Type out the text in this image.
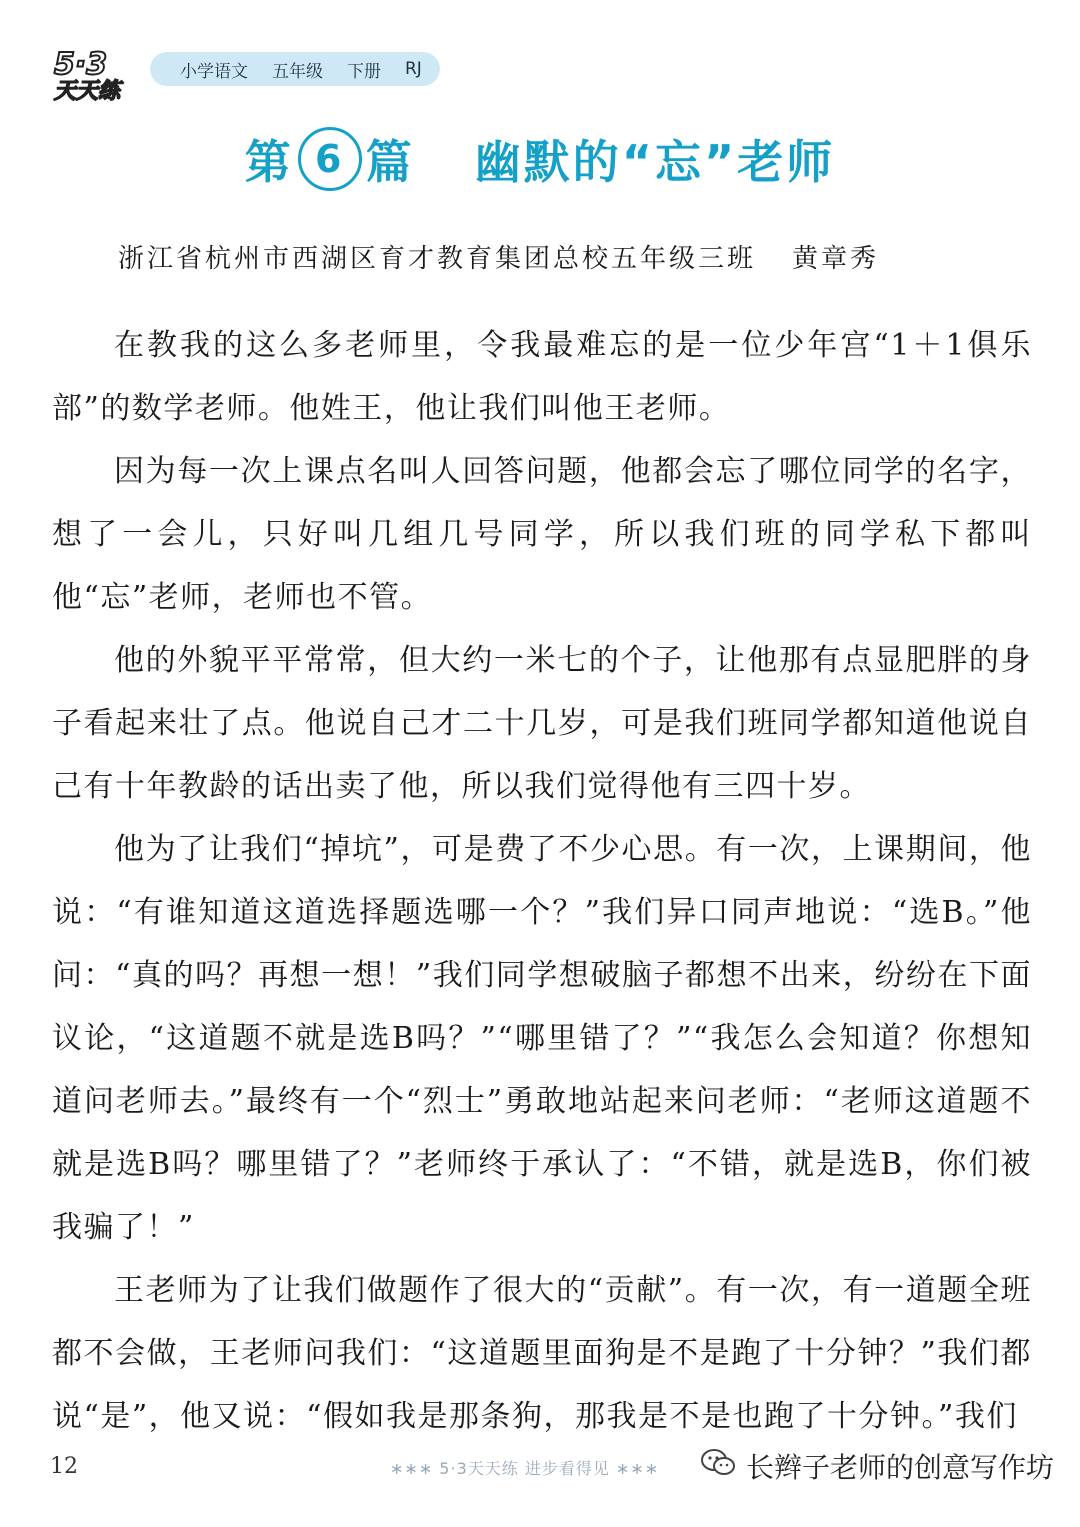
5·3
天天练
小学语文 五年级 下册 RJ
第 6 篇 幽默的“忘”老师
浙江省杭州市西湖区育才教育集团总校五年级三班 黄章秀

在教我的这么多老师里，令我最难忘的是一位少年宫“1＋1俱乐部”的数学老师。他姓王，他让我们叫他王老师。

因为每一次上课点名叫人回答问题，他都会忘了哪位同学的名字，想了一会儿，只好叫几组几号同学，所以我们班的同学私下都叫他“忘”老师，老师也不管。

他的外貌平平常常，但大约一米七的个子，让他那有点显肥胖的身子看起来壮了点。他说自己才二十几岁，可是我们班同学都知道他说自己有十年教龄的话出卖了他，所以我们觉得他有三四十岁。

他为了让我们“掉坑”，可是费了不少心思。有一次，上课期间，他说：“有谁知道这道选择题选哪一个？”我们异口同声地说：“选B。”他问：“真的吗？再想一想！”我们同学想破脑子都想不出来，纷纷在下面议论，“这道题不就是选B吗？”“哪里错了？”“我怎么会知道？你想知道问老师去。”最终有一个“烈士”勇敢地站起来问老师：“老师这道题不就是选B吗？哪里错了？”老师终于承认了：“不错，就是选B，你们被我骗了！”

王老师为了让我们做题作了很大的“贡献”。有一次，有一道题全班都不会做，王老师问我们：“这道题里面狗是不是跑了十分钟？”我们都说“是”，他又说：“假如我是那条狗，那我是不是也跑了十分钟。”我们

12	∗∗∗ 5·3天天练 进步看得见 ∗∗∗	长辫子老师的创意写作坊
